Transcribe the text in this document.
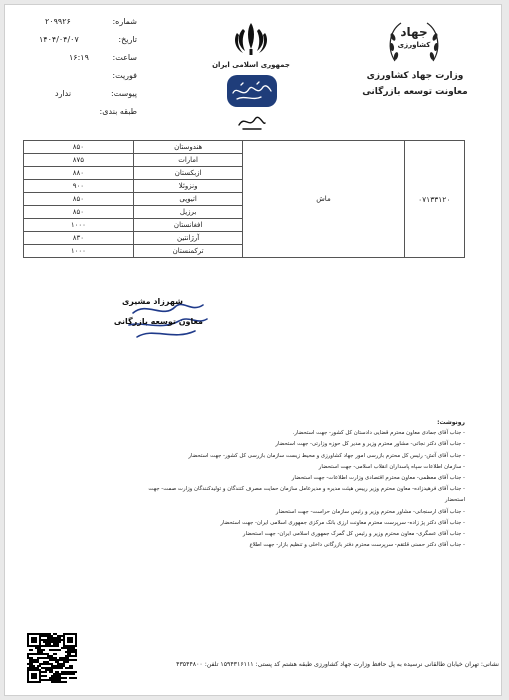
شماره:
۲۰۹۹۲۶
تاریخ:
۱۴۰۴/۰۴/۰۷
ساعت:
۱۶:۱۹
فوریت:
پیوست:
ندارد
طبقه بندی:
جمهوری اسلامی ایران
جهاد
کشاورزی
وزارت جهاد کشاورزی
معاونت توسعه بازرگانی
۰۷۱۳۳۱۲۰	ماش	هندوستان	۸۵۰
		امارات	۸۷۵
		ازبکستان	۸۸۰
		ونزوئلا	۹۰۰
		اتیوپی	۸۵۰
		برزیل	۸۵۰
		افغانستان	۱۰۰۰
		آرژانتین	۸۳۰
		ترکمنستان	۱۰۰۰
شهرزاد مشیری
معاون توسعه بازرگانی
رونوشت:
- جناب آقای جمادی معاون محترم قضایی دادستان کل کشور- جهت استحضار.
- جناب آقای دکتر نجاتی- مشاور محترم وزیر و مدیر کل حوزه وزارتی- جهت استحضار
- جناب آقای آتش- رئیس کل محترم بازرسی امور جهاد کشاورزی و محیط زیست سازمان بازرسی کل کشور- جهت استحضار
- سازمان اطلاعات سپاه پاسداران انقلاب اسلامی- جهت استحضار
- جناب آقای معظمی- معاون محترم اقتصادی وزارت اطلاعات- جهت استحضار
- جناب آقای فرهیدزاده- معاون محترم وزیر رییس هیئت مدیره و مدیرعامل سازمان حمایت مصرف کنندگان و تولیدکنندگان وزارت صمت- جهت
استحضار
- جناب آقای ارسنجانی- مشاور محترم وزیر و رئیس سازمان حراست- جهت استحضار
- جناب آقای دکتر پژ زاده- سرپرست محترم معاونت ارزی بانک مرکزی جمهوری اسلامی ایران- جهت استحضار
- جناب آقای عسگری- معاون محترم وزیر و رئیس کل گمرک جمهوری اسلامی ایران- جهت استحضار
- جناب آقای دکتر حسنی قلتقم- سرپرست محترم دفتر بازرگانی داخلی و تنظیم بازار- جهت اطلاع
نشانی: تهران خیابان طالقانی نرسیده به پل حافظ وزارت جهاد کشاورزی طبقه هشتم کد پستی: ۱۵۹۴۳۱۶۱۱۱ تلفن: ۴۳۵۴۴۸۰۰
